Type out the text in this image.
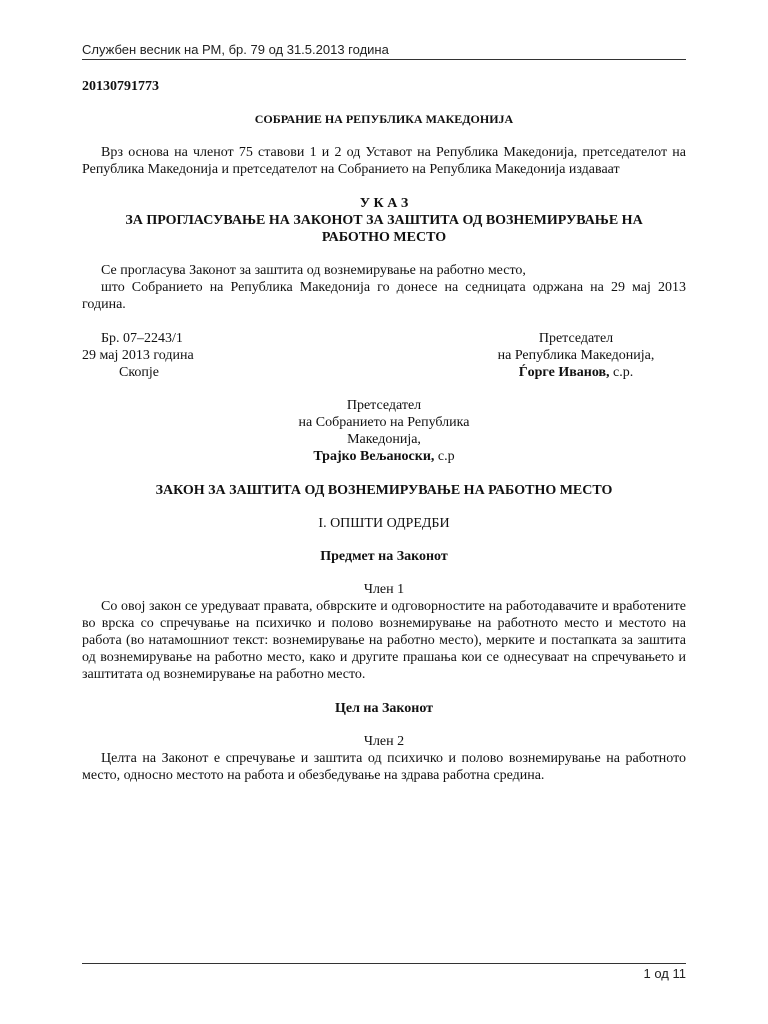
Службен весник на РМ, бр. 79 од 31.5.2013 година

20130791773

СОБРАНИЕ НА РЕПУБЛИКА МАКЕДОНИЈА

Врз основа на членот 75 ставови 1 и 2 од Уставот на Република Македонија, претседателот на Република Македонија и претседателот на Собранието на Република Македонија издаваат

У К А З

ЗА ПРОГЛАСУВАЊЕ НА ЗАКОНОТ ЗА ЗАШТИТА ОД ВОЗНЕМИРУВАЊЕ НА

РАБОТНО МЕСТО

Се прогласува Законот за заштита од вознемирување на работно место,

што Собранието на Република Македонија го донесе на седницата одржана на 29 мај 2013 година.

Бр. 07–2243/1
29 мај 2013 година
Скопје
Претседател
на Република Македонија,
Ѓорге Иванов, с.р.
Претседател
на Собранието на Република
Македонија,
Трајко Вељаноски, с.р

ЗАКОН ЗА ЗАШТИТА ОД ВОЗНЕМИРУВАЊЕ НА РАБОТНО МЕСТО

I. ОПШТИ ОДРЕДБИ

Предмет на Законот

Член 1

Со овој закон се уредуваат правата, обврските и одговорностите на работодавачите и вработените во врска со спречување на психичко и полово вознемирување на работното место и местото на работа (во натамошниот текст: вознемирување на работно место), мерките и постапката за заштита од вознемирување на работно место, како и другите прашања кои се однесуваат на спречувањето и заштитата од вознемирување на работно место.

Цел на Законот

Член 2

Целта на Законот е спречување и заштита од психичко и полово вознемирување на работното место, односно местото на работа и обезбедување на здрава работна средина.

1 од 11
